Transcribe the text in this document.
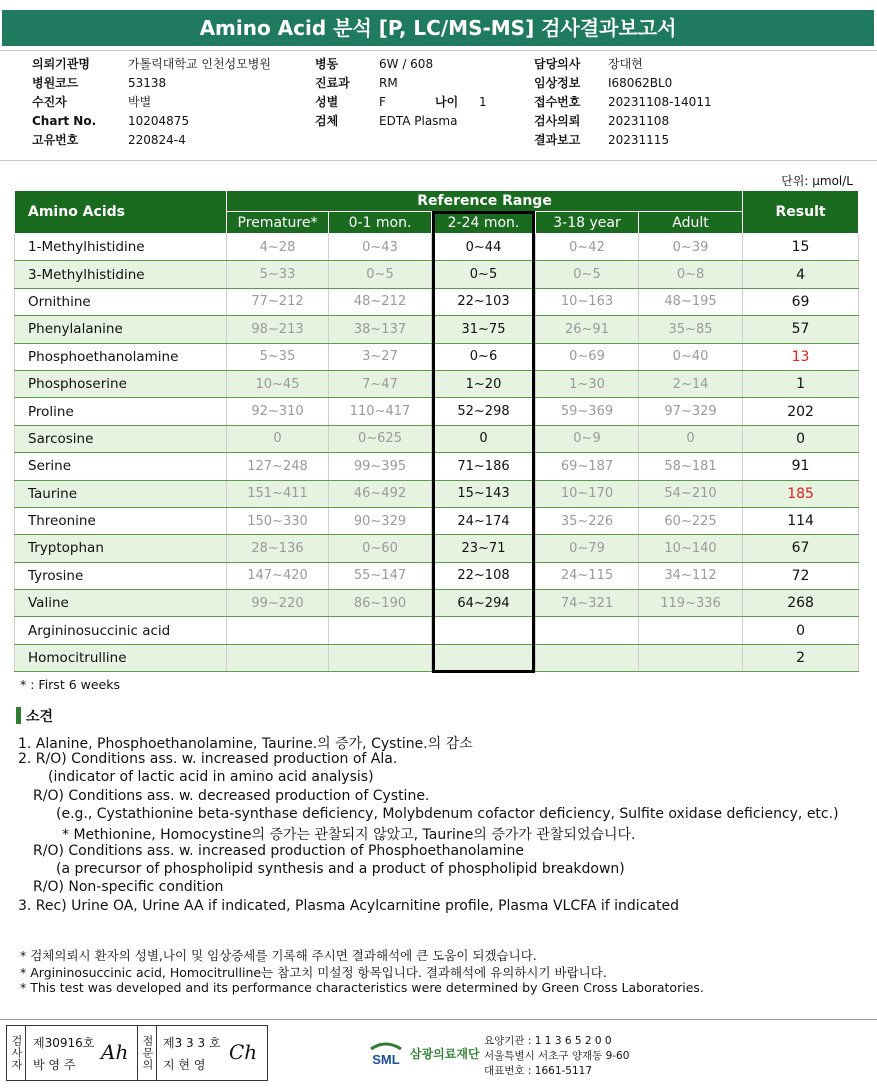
Amino Acid 분석 [P, LC/MS-MS] 검사결과보고서
의뢰기관명	가톨릭대학교 인천성모병원
병원코드	53138
수진자	박별
Chart No.	10204875
고유번호	220824-4
병동	6W / 608
진료과	RM
성별	F	나이	1
검체	EDTA Plasma
담당의사	장대현
임상정보	I68062BL0
접수번호	20231108-14011
검사의뢰	20231108
결과보고	20231115
단위: μmol/L
Amino Acids	Reference Range					Result
	Premature*	0-1 mon.	2-24 mon.	3-18 year	Adult	
1-Methylhistidine	4~28	0~43	0~44	0~42	0~39	15
3-Methylhistidine	5~33	0~5	0~5	0~5	0~8	4
Ornithine	77~212	48~212	22~103	10~163	48~195	69
Phenylalanine	98~213	38~137	31~75	26~91	35~85	57
Phosphoethanolamine	5~35	3~27	0~6	0~69	0~40	13
Phosphoserine	10~45	7~47	1~20	1~30	2~14	1
Proline	92~310	110~417	52~298	59~369	97~329	202
Sarcosine	0	0~625	0	0~9	0	0
Serine	127~248	99~395	71~186	69~187	58~181	91
Taurine	151~411	46~492	15~143	10~170	54~210	185
Threonine	150~330	90~329	24~174	35~226	60~225	114
Tryptophan	28~136	0~60	23~71	0~79	10~140	67
Tyrosine	147~420	55~147	22~108	24~115	34~112	72
Valine	99~220	86~190	64~294	74~321	119~336	268
Argininosuccinic acid						0
Homocitrulline						2
* : First 6 weeks
소견
1. Alanine, Phosphoethanolamine, Taurine.의 증가, Cystine.의 감소
2. R/O) Conditions ass. w. increased production of Ala.
(indicator of lactic acid in amino acid analysis)
R/O) Conditions ass. w. decreased production of Cystine.
(e.g., Cystathionine beta-synthase deficiency, Molybdenum cofactor deficiency, Sulfite oxidase deficiency, etc.)
* Methionine, Homocystine의 증가는 관찰되지 않았고, Taurine의 증가가 관찰되었습니다.
R/O) Conditions ass. w. increased production of Phosphoethanolamine
(a precursor of phospholipid synthesis and a product of phospholipid breakdown)
R/O) Non-specific condition
3. Rec) Urine OA, Urine AA if indicated, Plasma Acylcarnitine profile, Plasma VLCFA if indicated
* 검체의뢰시 환자의 성별,나이 및 임상증세를 기록해 주시면 결과해석에 큰 도움이 되겠습니다.
* Argininosuccinic acid, Homocitrulline는 참고치 미설정 항목입니다. 결과해석에 유의하시기 바랍니다.
* This test was developed and its performance characteristics were determined by Green Cross Laboratories.
검사자 제30916호
박 영 주
Ah	점문의 제3 3 3 호
지 현 영
Ch	SML 삼광의료재단
요양기관 : 1 1 3 6 5 2 0 0
서울특별시 서초구 양재동 9-60
대표번호 : 1661-5117
